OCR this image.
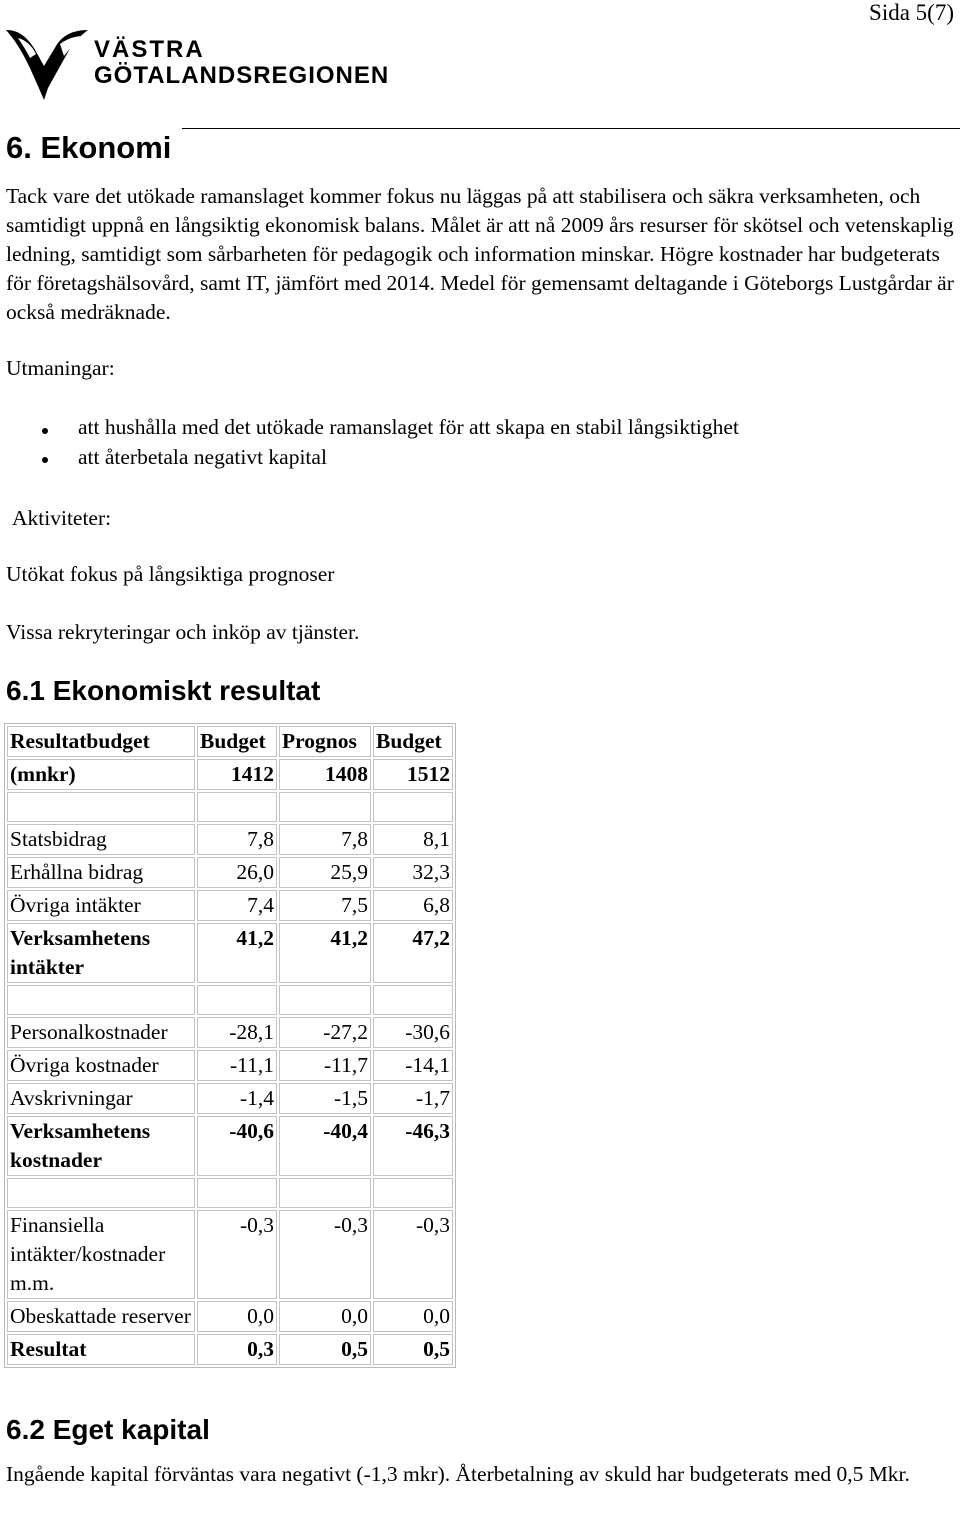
Sida 5(7)
VÄSTRA
GÖTALANDSREGIONEN
6. Ekonomi

Tack vare det utökade ramanslaget kommer fokus nu läggas på att stabilisera och säkra verksamheten, och samtidigt uppnå en långsiktig ekonomisk balans. Målet är att nå 2009 års resurser för skötsel och vetenskaplig ledning, samtidigt som sårbarheten för pedagogik och information minskar. Högre kostnader har budgeterats för företagshälsovård, samt IT, jämfört med 2014. Medel för gemensamt deltagande i Göteborgs Lustgårdar är också medräknade.

Utmaningar:
att hushålla med det utökade ramanslaget för att skapa en stabil långsiktighet
att återbetala negativt kapital
Aktiviteter:
Utökat fokus på långsiktiga prognoser
Vissa rekryteringar och inköp av tjänster.
6.1 Ekonomiskt resultat
Resultatbudget	Budget	Prognos	Budget
(mnkr)	1412	1408	1512

Statsbidrag	7,8	7,8	8,1
Erhållna bidrag	26,0	25,9	32,3
Övriga intäkter	7,4	7,5	6,8
Verksamhetens intäkter	41,2	41,2	47,2

Personalkostnader	-28,1	-27,2	-30,6
Övriga kostnader	-11,1	-11,7	-14,1
Avskrivningar	-1,4	-1,5	-1,7
Verksamhetens kostnader	-40,6	-40,4	-46,3

Finansiella intäkter/kostnader m.m.	-0,3	-0,3	-0,3
Obeskattade reserver	0,0	0,0	0,0
Resultat	0,3	0,5	0,5
6.2 Eget kapital
Ingående kapital förväntas vara negativt (-1,3 mkr). Återbetalning av skuld har budgeterats med 0,5 Mkr.
